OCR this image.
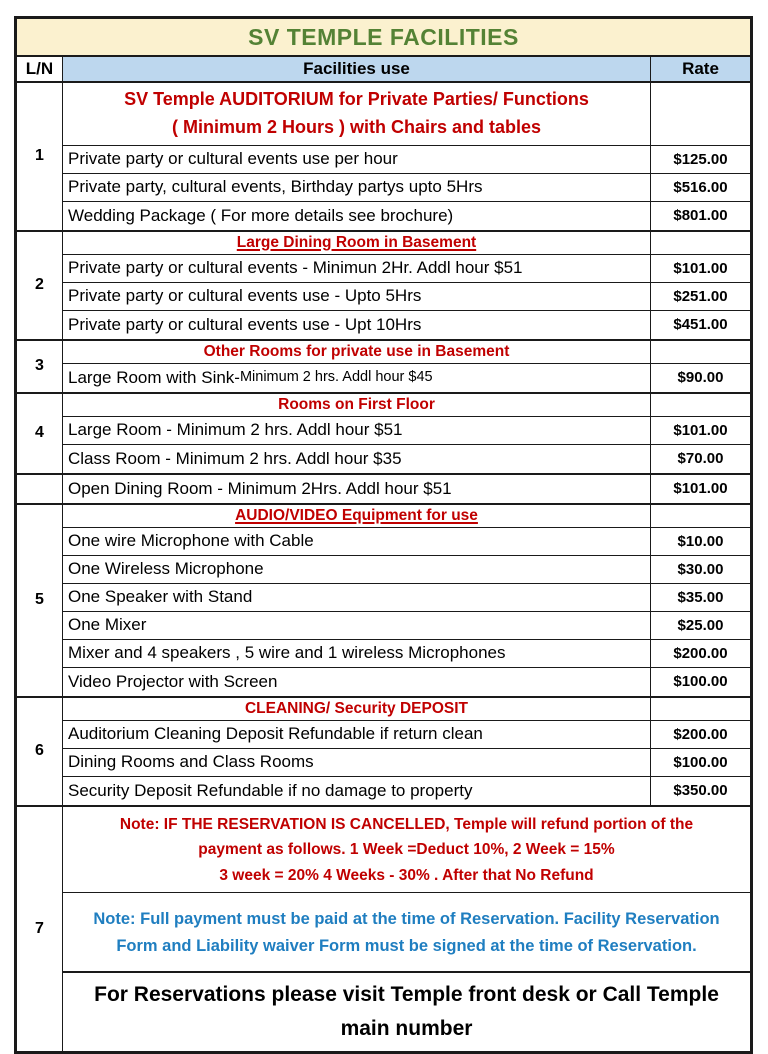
SV TEMPLE FACILITIES
L/N	Facilities use	Rate
1
SV Temple AUDITORIUM for Private Parties/ Functions
( Minimum 2 Hours ) with Chairs and tables
Private party or cultural events use per hour	$125.00
Private party, cultural events, Birthday partys upto 5Hrs	$516.00
Wedding Package ( For more details see brochure)	$801.00
2
Large Dining Room in Basement
Private party or cultural events - Minimun 2Hr. Addl hour $51	$101.00
Private party or cultural events use - Upto 5Hrs	$251.00
Private party or cultural events use - Upt 10Hrs	$451.00
3
Other Rooms for private use in Basement
Large Room with Sink- Minimum 2 hrs. Addl hour $45	$90.00
4
Rooms on First Floor
Large Room - Minimum 2 hrs. Addl hour $51	$101.00
Class Room - Minimum 2 hrs. Addl hour $35	$70.00
Open Dining Room - Minimum 2Hrs. Addl hour $51	$101.00
5
AUDIO/VIDEO Equipment for use
One wire Microphone with Cable	$10.00
One Wireless Microphone	$30.00
One Speaker with Stand	$35.00
One Mixer	$25.00
Mixer and 4 speakers , 5 wire and 1 wireless Microphones	$200.00
Video Projector with Screen	$100.00
6
CLEANING/ Security DEPOSIT
Auditorium Cleaning Deposit Refundable if return clean	$200.00
Dining Rooms and Class Rooms	$100.00
Security Deposit Refundable if no damage to property	$350.00
7
Note: IF THE RESERVATION IS CANCELLED, Temple will refund portion of the
payment as follows. 1 Week =Deduct 10%, 2 Week = 15%
3 week = 20% 4 Weeks - 30% . After that No Refund
Note: Full payment must be paid at the time of Reservation. Facility Reservation Form and Liability waiver Form must be signed at the time of Reservation.
For Reservations please visit Temple front desk or Call Temple main number
